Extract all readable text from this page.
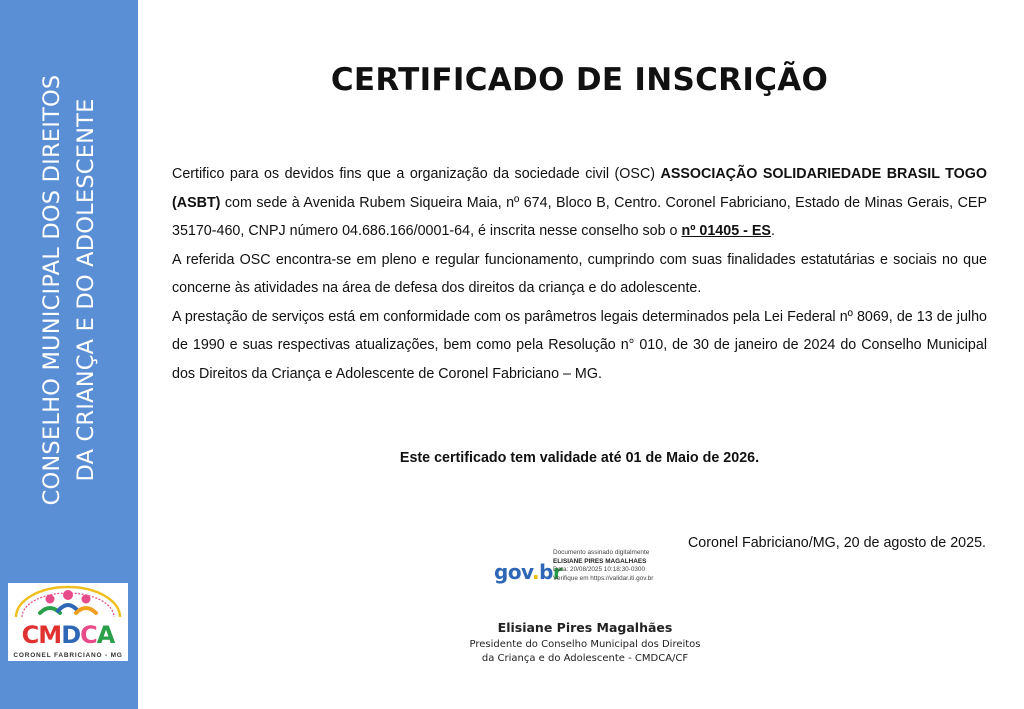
CONSELHO MUNICIPAL DOS DIREITOS DA CRIANÇA E DO ADOLESCENTE
CMDCA
CORONEL FABRICIANO - MG
CERTIFICADO DE INSCRIÇÃO

Certifico para os devidos fins que a organização da sociedade civil (OSC) ASSOCIAÇÃO SOLIDARIEDADE BRASIL TOGO (ASBT) com sede à Avenida Rubem Siqueira Maia, nº 674, Bloco B, Centro. Coronel Fabriciano, Estado de Minas Gerais, CEP 35170-460, CNPJ número 04.686.166/0001-64, é inscrita nesse conselho sob o nº 01405 - ES.

A referida OSC encontra-se em pleno e regular funcionamento, cumprindo com suas finalidades estatutárias e sociais no que concerne às atividades na área de defesa dos direitos da criança e do adolescente.

A prestação de serviços está em conformidade com os parâmetros legais determinados pela Lei Federal nº 8069, de 13 de julho de 1990 e suas respectivas atualizações, bem como pela Resolução n° 010, de 30 de janeiro de 2024 do Conselho Municipal dos Direitos da Criança e Adolescente de Coronel Fabriciano – MG.

Este certificado tem validade até 01 de Maio de 2026.
Coronel Fabriciano/MG, 20 de agosto de 2025.
gov.br
Documento assinado digitalmente
ELISIANE PIRES MAGALHAES
Data: 20/08/2025 10:18:30-0300
Verifique em https://validar.iti.gov.br
Elisiane Pires Magalhães
Presidente do Conselho Municipal dos Direitos
da Criança e do Adolescente - CMDCA/CF
